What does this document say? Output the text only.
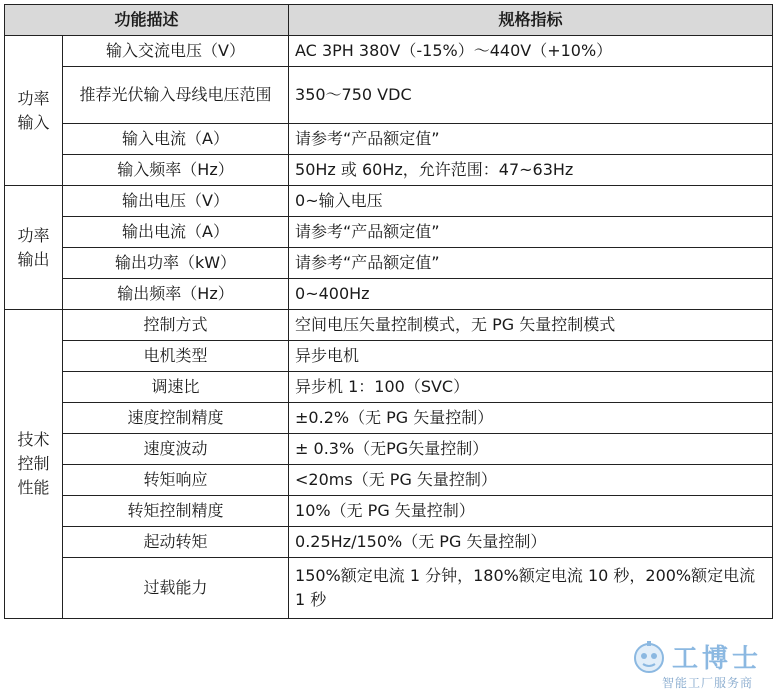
功能描述		规格指标
功率
输入	输入交流电压（V）	AC 3PH 380V（-15%）～440V（+10%）
	推荐光伏输入母线电压范围	350～750 VDC
	输入电流（A）	请参考“产品额定值”
	输入频率（Hz）	50Hz 或 60Hz，允许范围：47~63Hz
功率
输出	输出电压（V）	0~输入电压
	输出电流（A）	请参考“产品额定值”
	输出功率（kW）	请参考“产品额定值”
	输出频率（Hz）	0~400Hz
技术
控制
性能	控制方式	空间电压矢量控制模式，无 PG 矢量控制模式
	电机类型	异步电机
	调速比	异步机 1：100（SVC）
	速度控制精度	±0.2%（无 PG 矢量控制）
	速度波动	± 0.3%（无PG矢量控制）
	转矩响应	<20ms（无 PG 矢量控制）
	转矩控制精度	10%（无 PG 矢量控制）
	起动转矩	0.25Hz/150%（无 PG 矢量控制）
	过载能力	150%额定电流 1 分钟，180%额定电流 10 秒，200%额定电流 1 秒
工博士
智能工厂服务商
